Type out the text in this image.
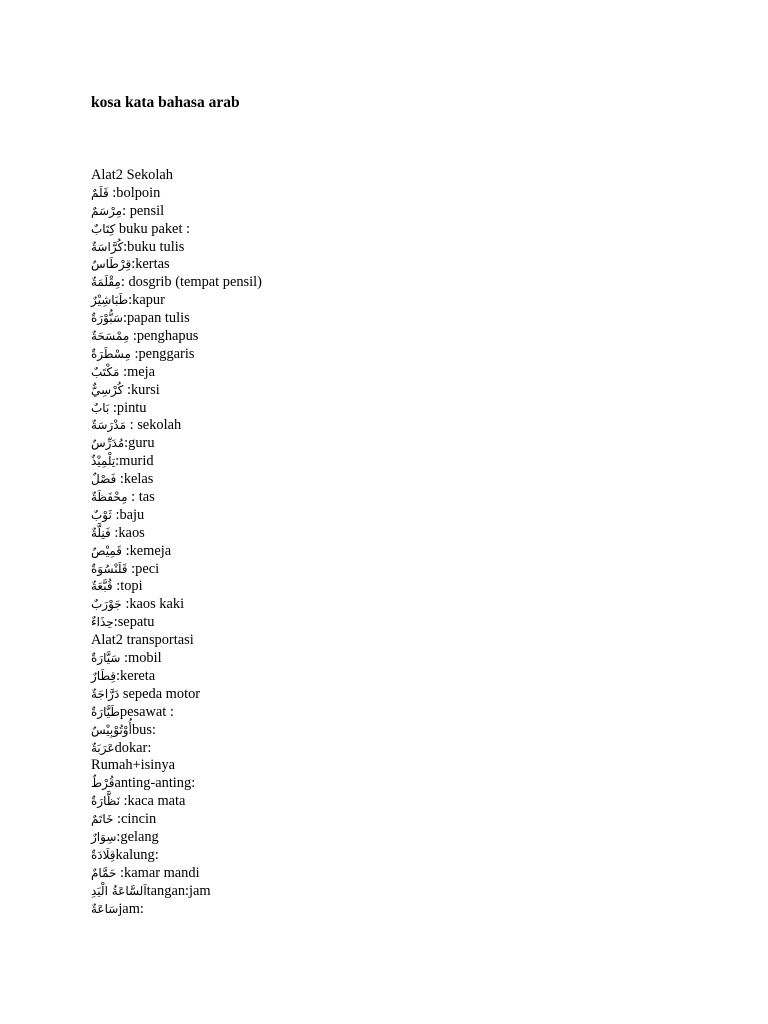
kosa kata bahasa arab
Alat2 Sekolah
قَلَمٌ :bolpoin
مِرْسَمٌ: pensil
كِتَابٌ buku paket :
كُرَّاسَةٌ:buku tulis
قِرْطَاسٌ:kertas
مِقْلَمَةٌ: dosgrib (tempat pensil)
طَبَاشِيْرٌ:kapur
سَبُّوْرَةٌ:papan tulis
مِمْسَحَةٌ :penghapus
مِسْطَرَةٌ :penggaris
مَكْتَبٌ :meja
كُرْسِيٌّ :kursi
بَابٌ :pintu
مَدْرَسَةٌ : sekolah
مُدَرِّسٌ:guru
تِلْمِيْذٌ:murid
فَصْلٌ :kelas
مِحْفَظَةٌ : tas
ثَوْبٌ :baju
فَنِلَّةٌ :kaos
قَمِيْصٌ :kemeja
قَلَنْسُوَةٌ :peci
قُبَّعَةٌ :topi
جَوْرَبٌ :kaos kaki
حِذَاءٌ:sepatu
Alat2 transportasi
سَيَّارَةٌ :mobil
قِطَارٌ:kereta
دَرَّاجَةٌ sepeda motor
طَيَّارَةٌpesawat :
أُوْتُوْبِيْسٌbus:
عَرَبَةٌdokar:
Rumah+isinya
قُرْطٌanting-anting:
نَظَّارَةٌ :kaca mata
خَاتَمٌ :cincin
سِوَارٌ:gelang
قِلَادَةٌkalung:
حَمَّامٌ :kamar mandi
اَلسَّاعَةُ الْيَدِtangan:jam
سَاعَةٌjam:
